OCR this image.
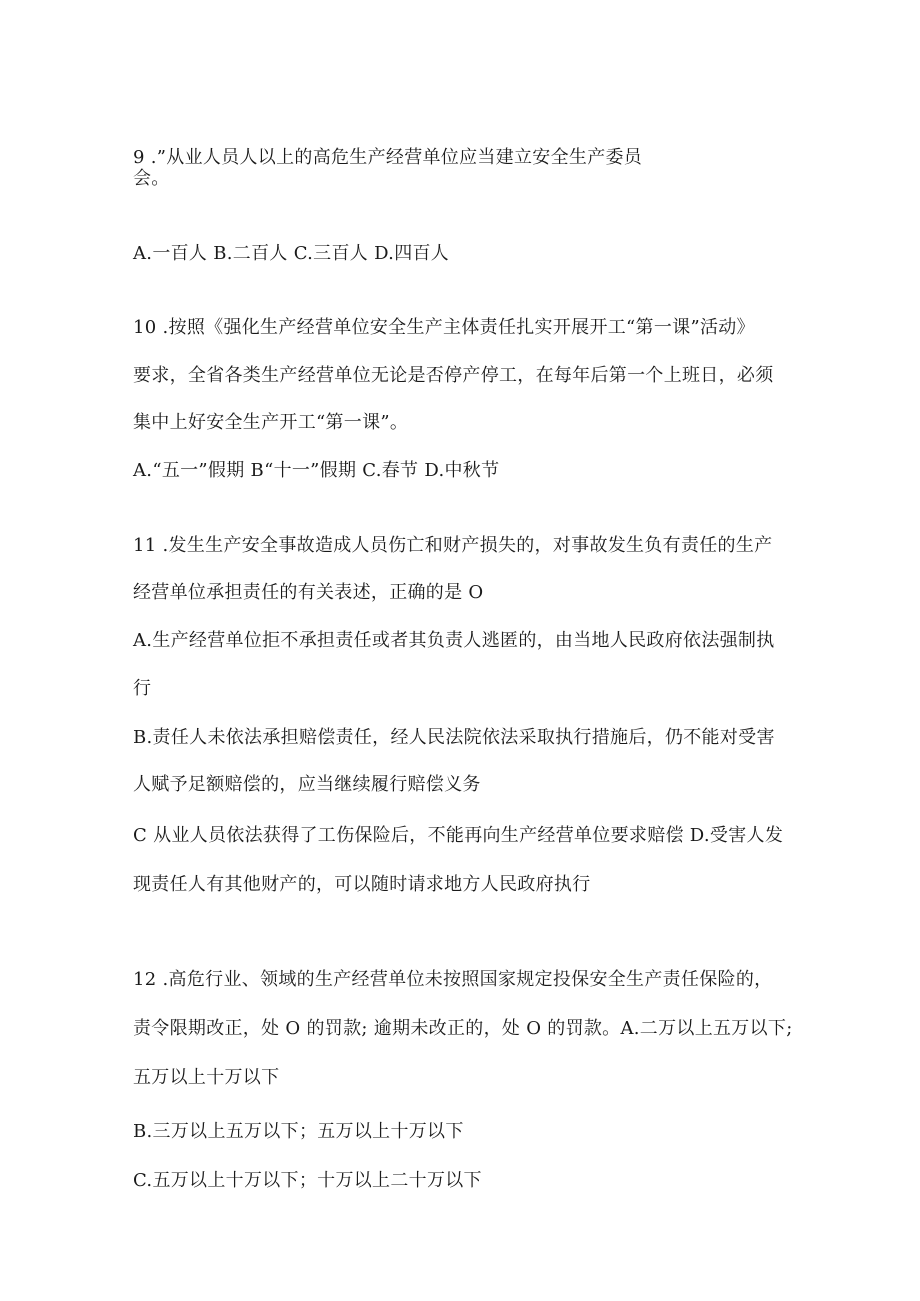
9 .”从业人员人以上的高危生产经营单位应当建立安全生产委员
会。
A.一百人 B.二百人 C.三百人 D.四百人
10 .按照《强化生产经营单位安全生产主体责任扎实开展开工“第一课”活动》
要求，全省各类生产经营单位无论是否停产停工，在每年后第一个上班日，必须
集中上好安全生产开工“第一课”。
A.“五一”假期 B“十一”假期 C.春节 D.中秋节
11 .发生生产安全事故造成人员伤亡和财产损失的，对事故发生负有责任的生产
经营单位承担责任的有关表述，正确的是 O
A.生产经营单位拒不承担责任或者其负责人逃匿的，由当地人民政府依法强制执
行
B.责任人未依法承担赔偿责任，经人民法院依法采取执行措施后，仍不能对受害
人赋予足额赔偿的，应当继续履行赔偿义务
C 从业人员依法获得了工伤保险后，不能再向生产经营单位要求赔偿 D.受害人发
现责任人有其他财产的，可以随时请求地方人民政府执行
12 .高危行业、领域的生产经营单位未按照国家规定投保安全生产责任保险的，
责令限期改正，处 O 的罚款; 逾期未改正的，处 O 的罚款。A.二万以上五万以下;
五万以上十万以下
B.三万以上五万以下；五万以上十万以下
C.五万以上十万以下；十万以上二十万以下
